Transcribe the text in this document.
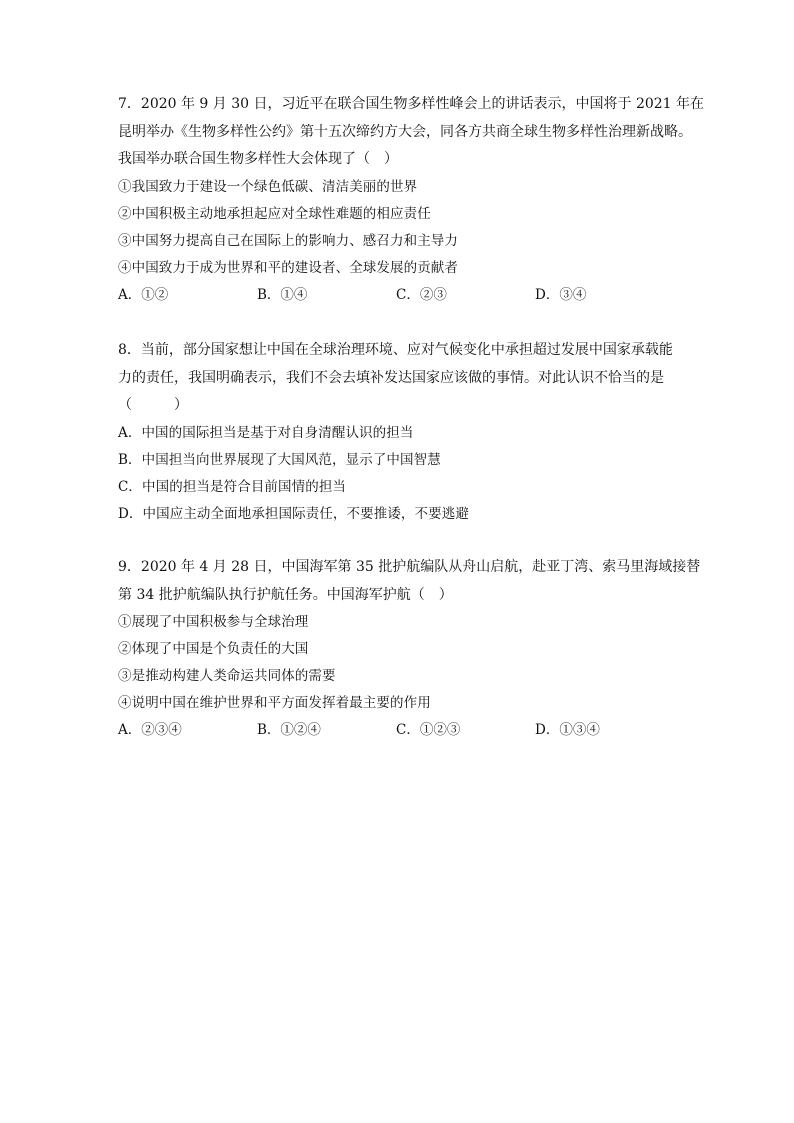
7．2020 年 9 月 30 日，习近平在联合国生物多样性峰会上的讲话表示，中国将于 2021 年在
昆明举办《生物多样性公约》第十五次缔约方大会，同各方共商全球生物多样性治理新战略。
我国举办联合国生物多样性大会体现了（　）
①我国致力于建设一个绿色低碳、清洁美丽的世界
②中国积极主动地承担起应对全球性难题的相应责任
③中国努力提高自己在国际上的影响力、感召力和主导力
④中国致力于成为世界和平的建设者、全球发展的贡献者
A．①②	B．①④	C．②③	D．③④
8．当前，部分国家想让中国在全球治理环境、应对气候变化中承担超过发展中国家承载能
力的责任，我国明确表示，我们不会去填补发达国家应该做的事情。对此认识不恰当的是
（　　　）
A．中国的国际担当是基于对自身清醒认识的担当
B．中国担当向世界展现了大国风范，显示了中国智慧
C．中国的担当是符合目前国情的担当
D．中国应主动全面地承担国际责任，不要推诿，不要逃避
9．2020 年 4 月 28 日，中国海军第 35 批护航编队从舟山启航，赴亚丁湾、索马里海域接替
第 34 批护航编队执行护航任务。中国海军护航（　）
①展现了中国积极参与全球治理
②体现了中国是个负责任的大国
③是推动构建人类命运共同体的需要
④说明中国在维护世界和平方面发挥着最主要的作用
A．②③④	B．①②④	C．①②③	D．①③④
